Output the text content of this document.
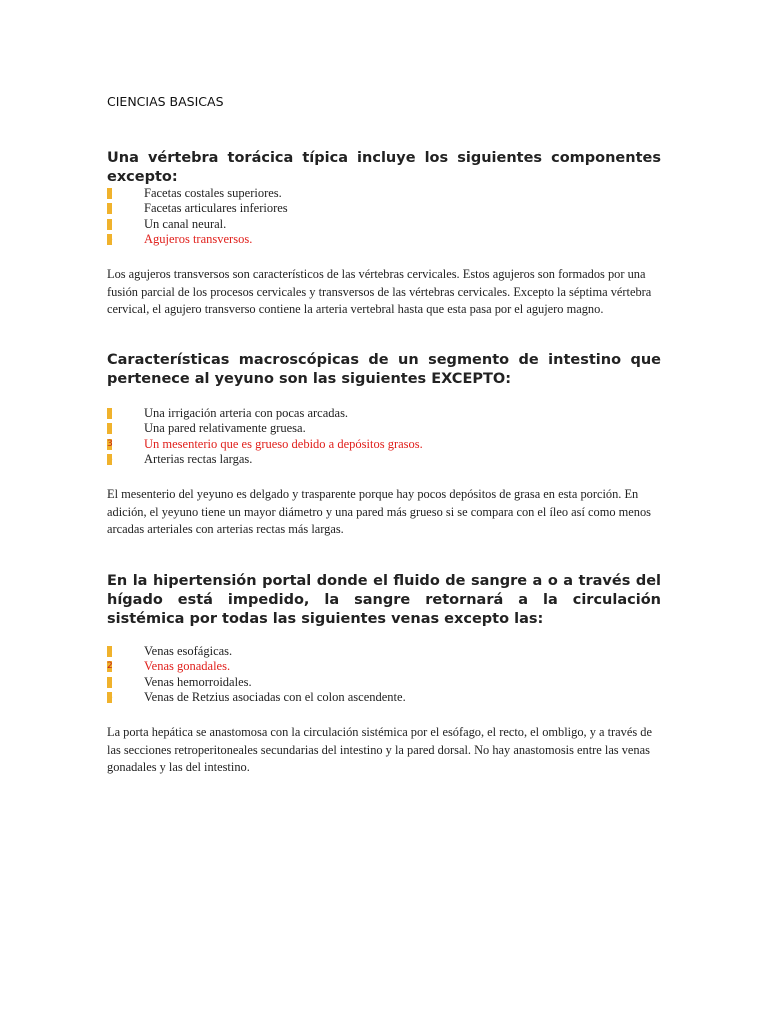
CIENCIAS BASICAS
Una vértebra torácica típica incluye los siguientes componentes excepto:
1	Facetas costales superiores.
2	Facetas articulares inferiores
3	Un canal neural.
4	Agujeros transversos.
Los agujeros transversos son característicos de las vértebras cervicales. Estos agujeros son formados por una fusión parcial de los procesos cervicales y transversos de las vértebras cervicales. Excepto la séptima vértebra cervical, el agujero transverso contiene la arteria vertebral hasta que esta pasa por el agujero magno.
Características macroscópicas de un segmento de intestino que pertenece al yeyuno son las siguientes EXCEPTO:
1	Una irrigación arteria con pocas arcadas.
2	Una pared relativamente gruesa.
3	Un mesenterio que es grueso debido a depósitos grasos.
4	Arterias rectas largas.
El mesenterio del yeyuno es delgado y trasparente porque hay pocos depósitos de grasa en esta porción. En adición, el yeyuno tiene un mayor diámetro y una pared más grueso si se compara con el íleo así como menos arcadas arteriales con arterias rectas más largas.
En la hipertensión portal donde el fluido de sangre a o a través del hígado está impedido, la sangre retornará a la circulación sistémica por todas las siguientes venas excepto las:
1	Venas esofágicas.
2	Venas gonadales.
3	Venas hemorroidales.
4	Venas de Retzius asociadas con el colon ascendente.
La porta hepática se anastomosa con la circulación sistémica por el esófago, el recto, el ombligo, y a través de las secciones retroperitoneales secundarias del intestino y la pared dorsal. No hay anastomosis entre las venas gonadales y las del intestino.
